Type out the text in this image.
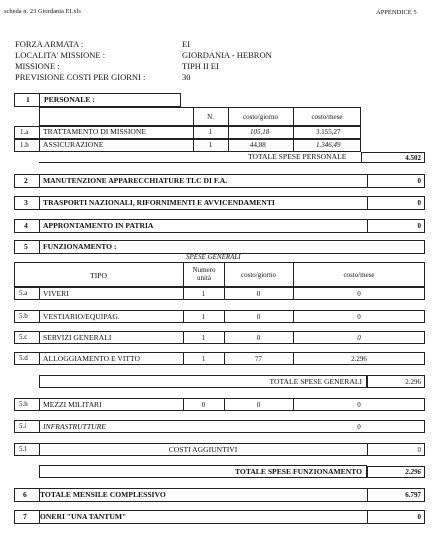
scheda n. 23 Giordania EI.xls	APPENDICE 5
FORZA ARMATA :	EI
LOCALITA' MISSIONE :	GIORDANIA - HEBRON
MISSIONE :	TIPH II EI
PREVISIONE COSTI PER GIORNI :	30
1 PERSONALE :
N.	costo/giorno	costo/mese
1.a TRATTAMENTO DI MISSIONE	1	105,18	3.155,27
1.b ASSICURAZIONE	1	44,88	1.346,49
TOTALE SPESE PERSONALE	4.502
2 MANUTENZIONE APPARECCHIATURE TLC DI F.A.	0
3 TRASPORTI NAZIONALI, RIFORNIMENTI E AVVICENDAMENTI	0
4 APPRONTAMENTO IN PATRIA	0
5 FUNZIONAMENTO :
SPESE GENERALI
TIPO
Numero unità	costo/giorno	costo/mese
5.a VIVERI	1	0	0
5.b VESTIARIO/EQUIPAG.	1	0	0
5.c SERVIZI GENERALI	1	0	0
5.d ALLOGGIAMENTO E VITTO	1	77	2.296
TOTALE SPESE GENERALI	2.296
5.h MEZZI MILITARI	0	0	0
5.i INFRASTRUTTURE	0
5.l	COSTI AGGIUNTIVI	0
TOTALE SPESE FUNZIONAMENTO	2.296
6 TOTALE MENSILE COMPLESSIVO	6.797
7 ONERI "UNA TANTUM"	0
